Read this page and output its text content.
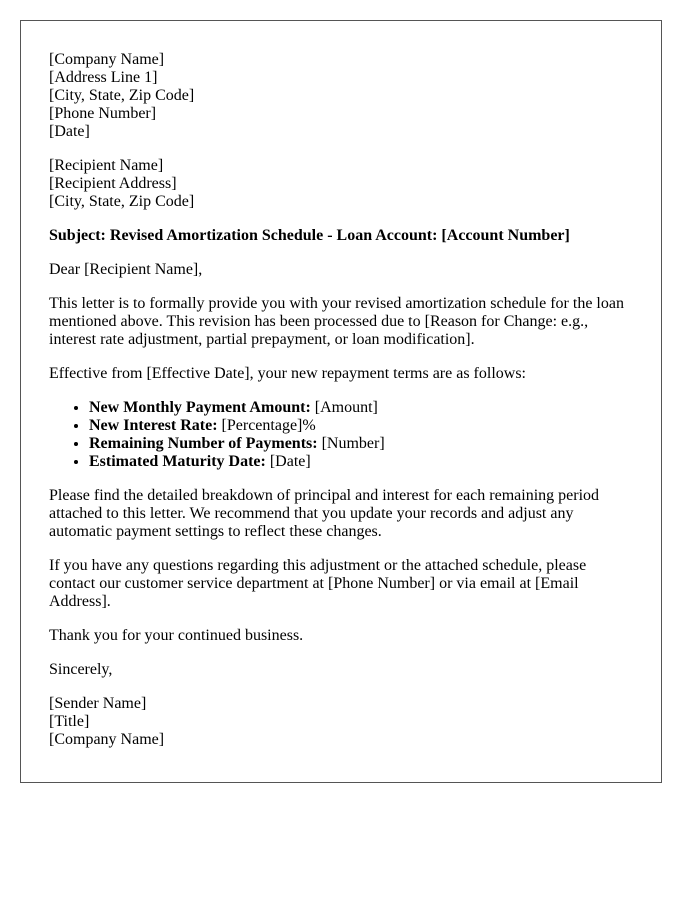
[Company Name]
[Address Line 1]
[City, State, Zip Code]
[Phone Number]
[Date]
[Recipient Name]
[Recipient Address]
[City, State, Zip Code]

Subject: Revised Amortization Schedule - Loan Account: [Account Number]

Dear [Recipient Name],

This letter is to formally provide you with your revised amortization schedule for the loan mentioned above. This revision has been processed due to [Reason for Change: e.g., interest rate adjustment, partial prepayment, or loan modification].

Effective from [Effective Date], your new repayment terms are as follows:

• New Monthly Payment Amount: [Amount]
• New Interest Rate: [Percentage]%
• Remaining Number of Payments: [Number]
• Estimated Maturity Date: [Date]

Please find the detailed breakdown of principal and interest for each remaining period attached to this letter. We recommend that you update your records and adjust any automatic payment settings to reflect these changes.

If you have any questions regarding this adjustment or the attached schedule, please contact our customer service department at [Phone Number] or via email at [Email Address].

Thank you for your continued business.

Sincerely,

[Sender Name]
[Title]
[Company Name]
